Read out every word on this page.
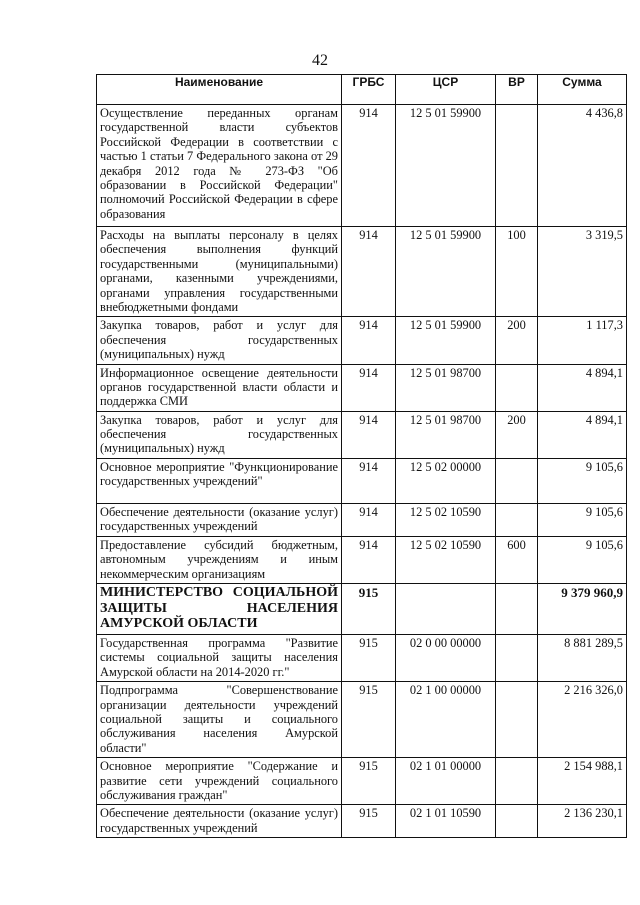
42
Наименование	ГРБС	ЦСР	ВР	Сумма
Осуществление переданных органам государственной власти субъектов Российской Федерации в соответствии с частью 1 статьи 7 Федерального закона от 29 декабря 2012 года № 273-ФЗ "Об образовании в Российской Федерации" полномочий Российской Федерации в сфере образования	914	12 5 01 59900		4 436,8
Расходы на выплаты персоналу в целях обеспечения выполнения функций государственными (муниципальными) органами, казенными учреждениями, органами управления государственными внебюджетными фондами	914	12 5 01 59900	100	3 319,5
Закупка товаров, работ и услуг для обеспечения государственных (муниципальных) нужд	914	12 5 01 59900	200	1 117,3
Информационное освещение деятельности органов государственной власти области и поддержка СМИ	914	12 5 01 98700		4 894,1
Закупка товаров, работ и услуг для обеспечения государственных (муниципальных) нужд	914	12 5 01 98700	200	4 894,1
Основное мероприятие "Функционирование государственных учреждений"	914	12 5 02 00000		9 105,6
Обеспечение деятельности (оказание услуг) государственных учреждений	914	12 5 02 10590		9 105,6
Предоставление субсидий бюджетным, автономным учреждениям и иным некоммерческим организациям	914	12 5 02 10590	600	9 105,6
МИНИСТЕРСТВО СОЦИАЛЬНОЙ ЗАЩИТЫ НАСЕЛЕНИЯ АМУРСКОЙ ОБЛАСТИ	915			9 379 960,9
Государственная программа "Развитие системы социальной защиты населения Амурской области на 2014-2020 гг."	915	02 0 00 00000		8 881 289,5
Подпрограмма "Совершенствование организации деятельности учреждений социальной защиты и социального обслуживания населения Амурской области"	915	02 1 00 00000		2 216 326,0
Основное мероприятие "Содержание и развитие сети учреждений социального обслуживания граждан"	915	02 1 01 00000		2 154 988,1
Обеспечение деятельности (оказание услуг) государственных учреждений	915	02 1 01 10590		2 136 230,1
